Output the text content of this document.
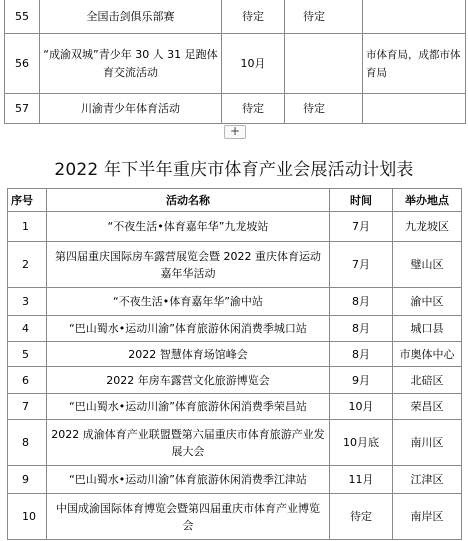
55	全国击剑俱乐部赛	待定	待定	
56	“成渝双城”青少年 30 人 31 足跑体育交流活动	10月		市体育局，成都市体育局
57	川渝青少年体育活动	待定	待定	
+
2022 年下半年重庆市体育产业会展活动计划表
序号	活动名称	时间	举办地点
1	“不夜生活•体育嘉年华”九龙坡站	7月	九龙坡区
2	第四届重庆国际房车露营展览会暨 2022 重庆体育运动嘉年华活动	7月	璧山区
3	“不夜生活•体育嘉年华”渝中站	8月	渝中区
4	“巴山蜀水•运动川渝”体育旅游休闲消费季城口站	8月	城口县
5	2022 智慧体育场馆峰会	8月	市奥体中心
6	2022 年房车露营文化旅游博览会	9月	北碚区
7	“巴山蜀水•运动川渝”体育旅游休闲消费季荣昌站	10月	荣昌区
8	2022 成渝体育产业联盟暨第六届重庆市体育旅游产业发展大会	10月底	南川区
9	“巴山蜀水•运动川渝”体育旅游休闲消费季江津站	11月	江津区
10	中国成渝国际体育博览会暨第四届重庆市体育产业博览会	待定	南岸区
